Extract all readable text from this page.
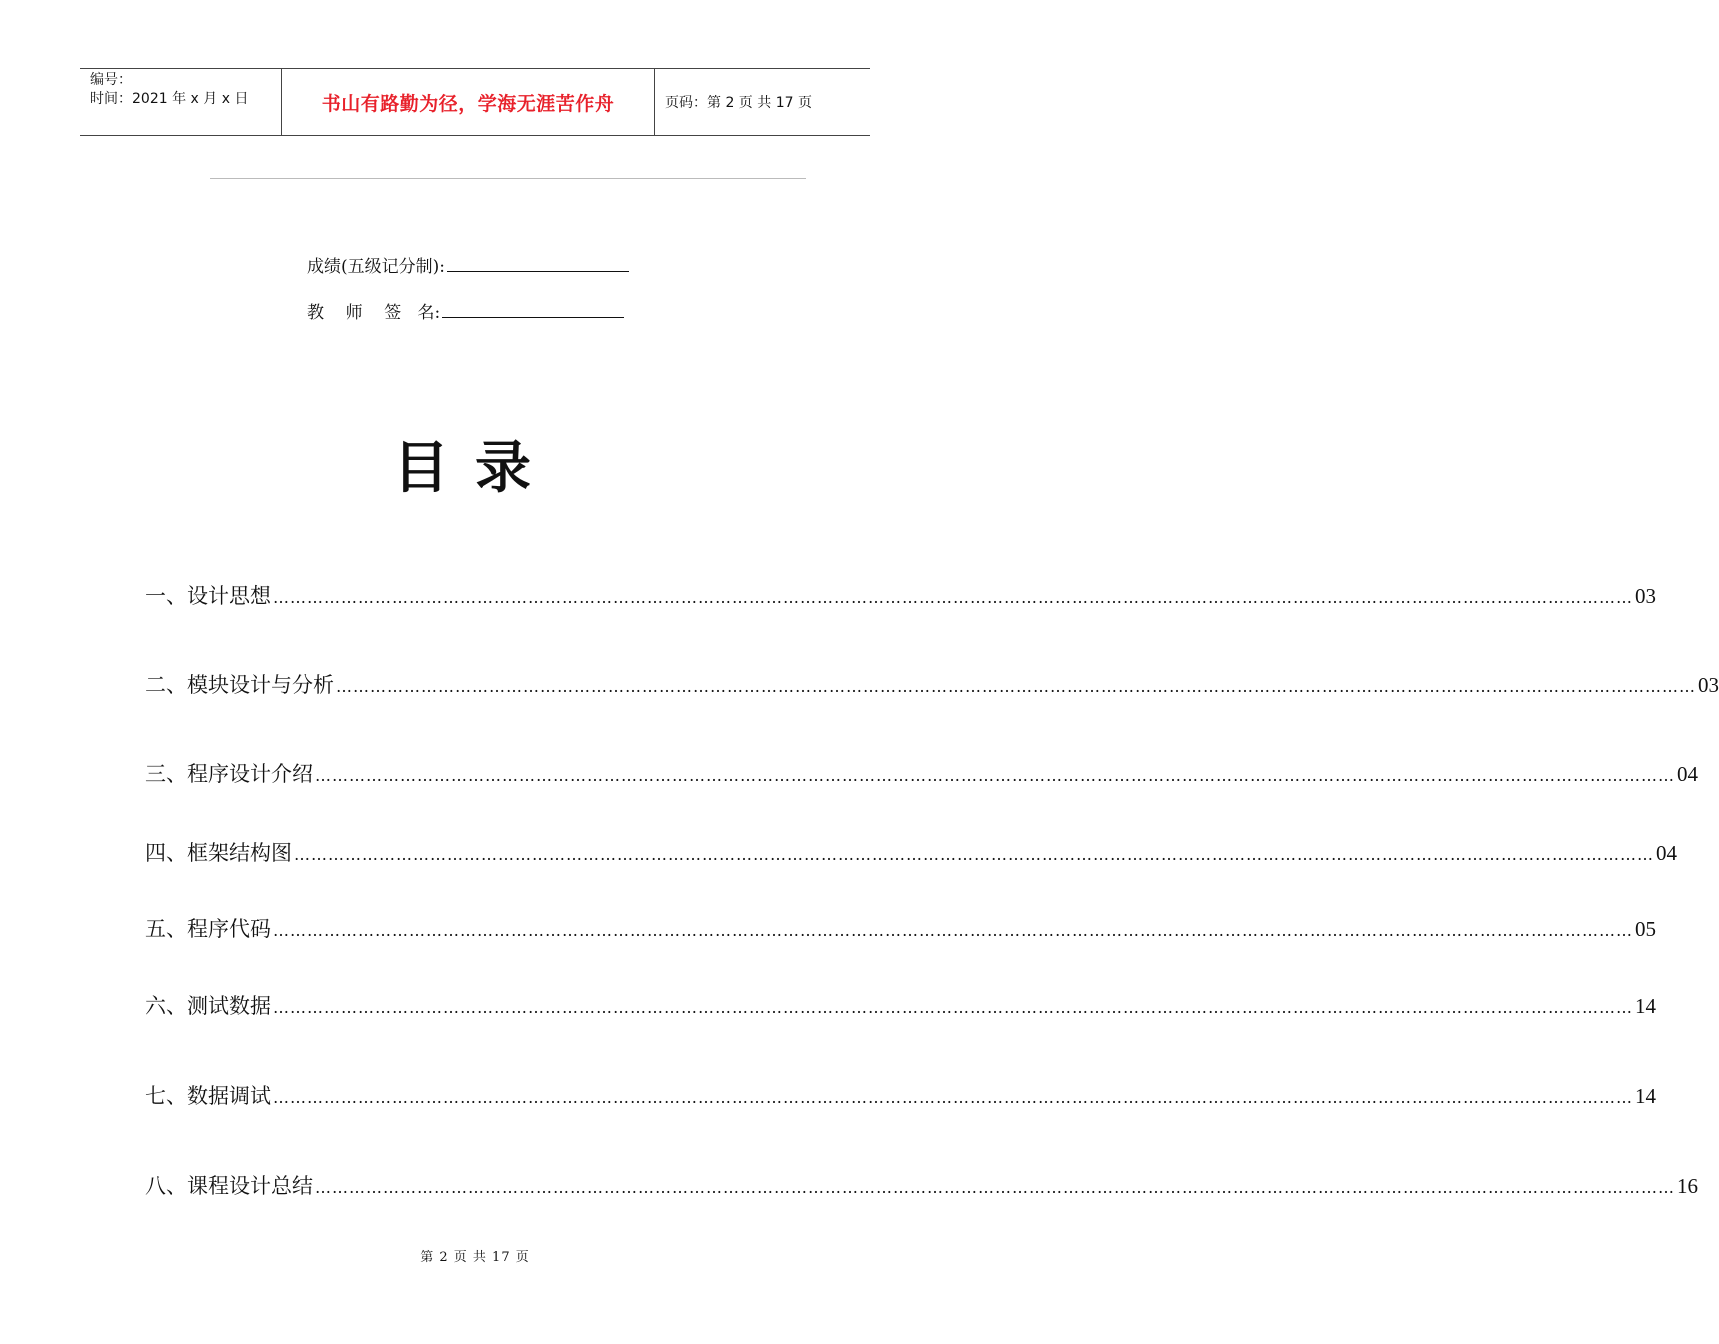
编号：
时间：2021 年 x 月 x 日	书山有路勤为径，学海无涯苦作舟	页码：第 2 页 共 17 页
成绩(五级记分制):
教    师    签   名:
目录
一、设计思想 …………………………………………………………………………………………………………………………………………………………………………………………………………………… 03
二、模块设计与分析 …………………………………………………………………………………………………………………………………………………………………………………………………………………… 03
三、程序设计介绍 …………………………………………………………………………………………………………………………………………………………………………………………………………………… 04
四、框架结构图 …………………………………………………………………………………………………………………………………………………………………………………………………………………… 04
五、程序代码 …………………………………………………………………………………………………………………………………………………………………………………………………………………… 05
六、测试数据 …………………………………………………………………………………………………………………………………………………………………………………………………………………… 14
七、数据调试 …………………………………………………………………………………………………………………………………………………………………………………………………………………… 14
八、课程设计总结 …………………………………………………………………………………………………………………………………………………………………………………………………………………… 16
第 2 页 共 17 页
